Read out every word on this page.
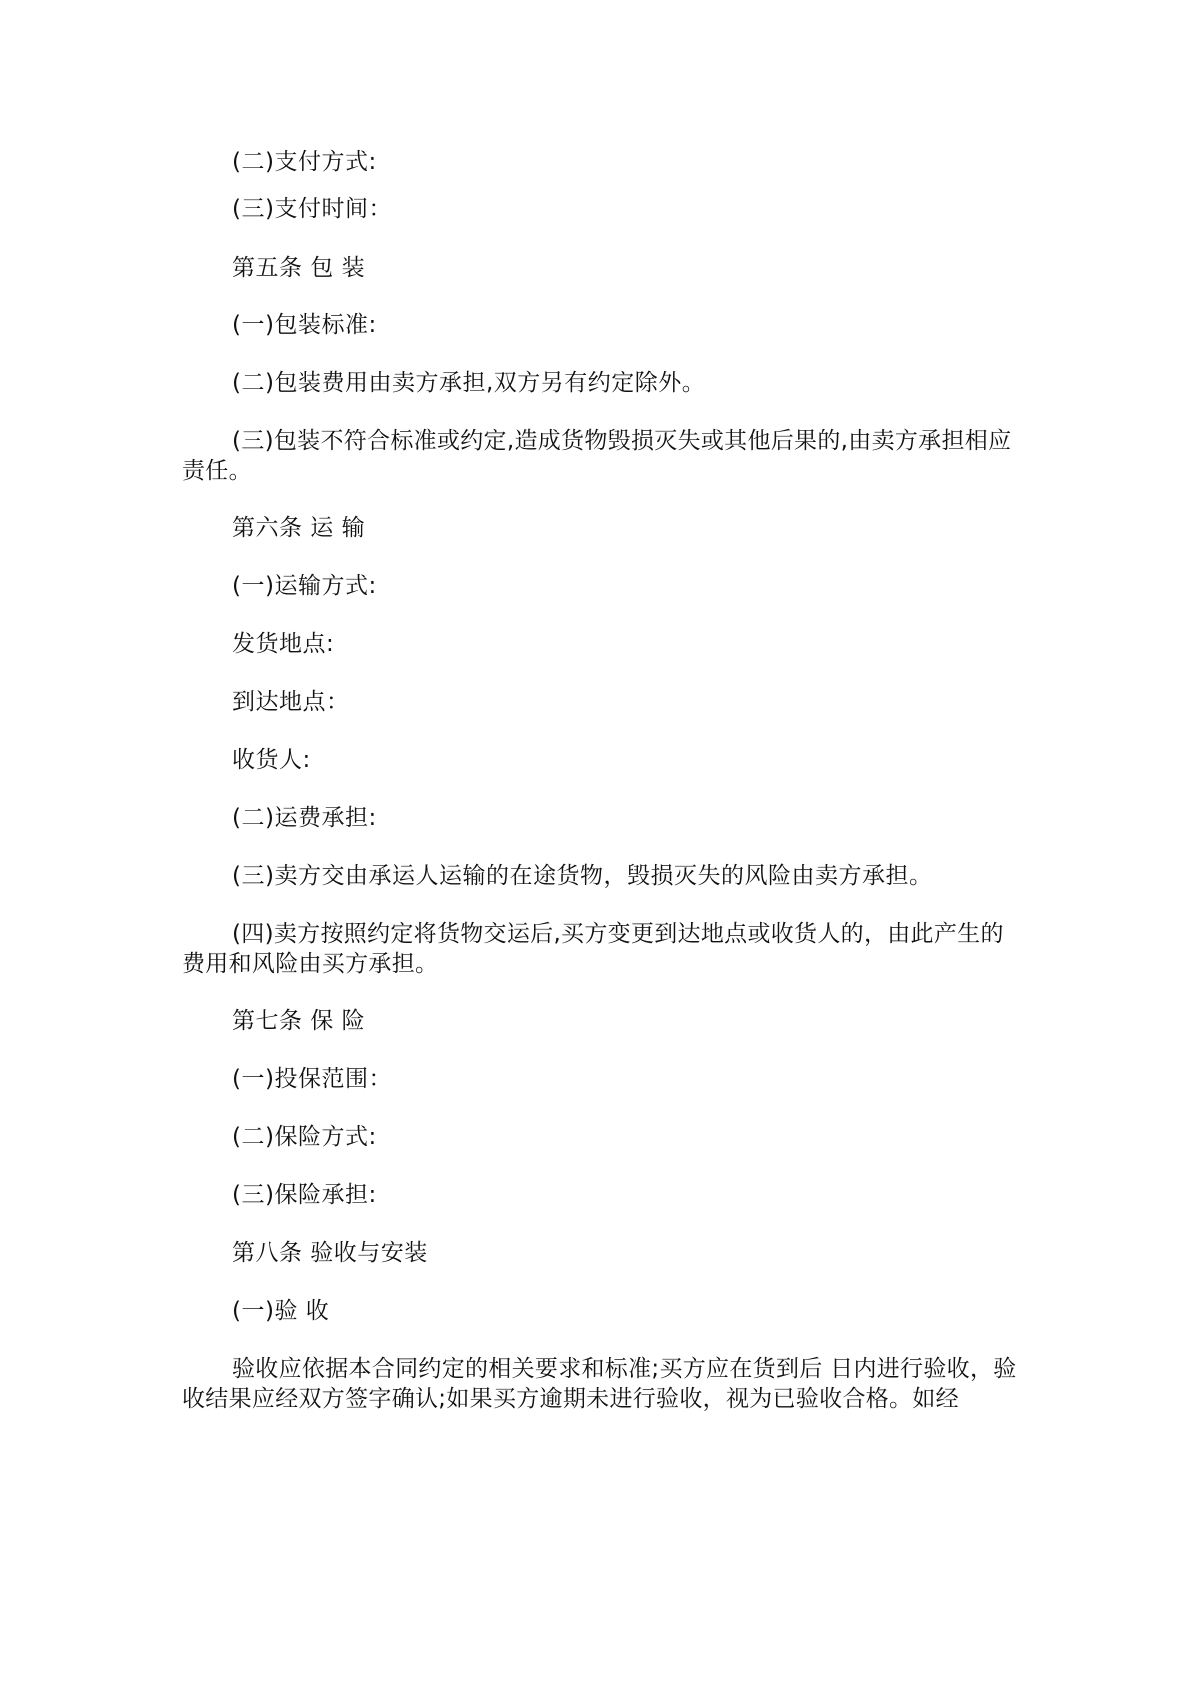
(二)支付方式:
(三)支付时间：
第五条 包 装
(一)包装标准:
(二)包装费用由卖方承担,双方另有约定除外。
(三)包装不符合标准或约定,造成货物毁损灭失或其他后果的,由卖方承担相应责任。
第六条 运 输
(一)运输方式:
发货地点:
到达地点：
收货人:
(二)运费承担:
(三)卖方交由承运人运输的在途货物，毁损灭失的风险由卖方承担。
(四)卖方按照约定将货物交运后,买方变更到达地点或收货人的，由此产生的费用和风险由买方承担。
第七条 保 险
(一)投保范围：
(二)保险方式:
(三)保险承担:
第八条 验收与安装
(一)验 收
验收应依据本合同约定的相关要求和标准;买方应在货到后 日内进行验收，验收结果应经双方签字确认;如果买方逾期未进行验收，视为已验收合格。如经
